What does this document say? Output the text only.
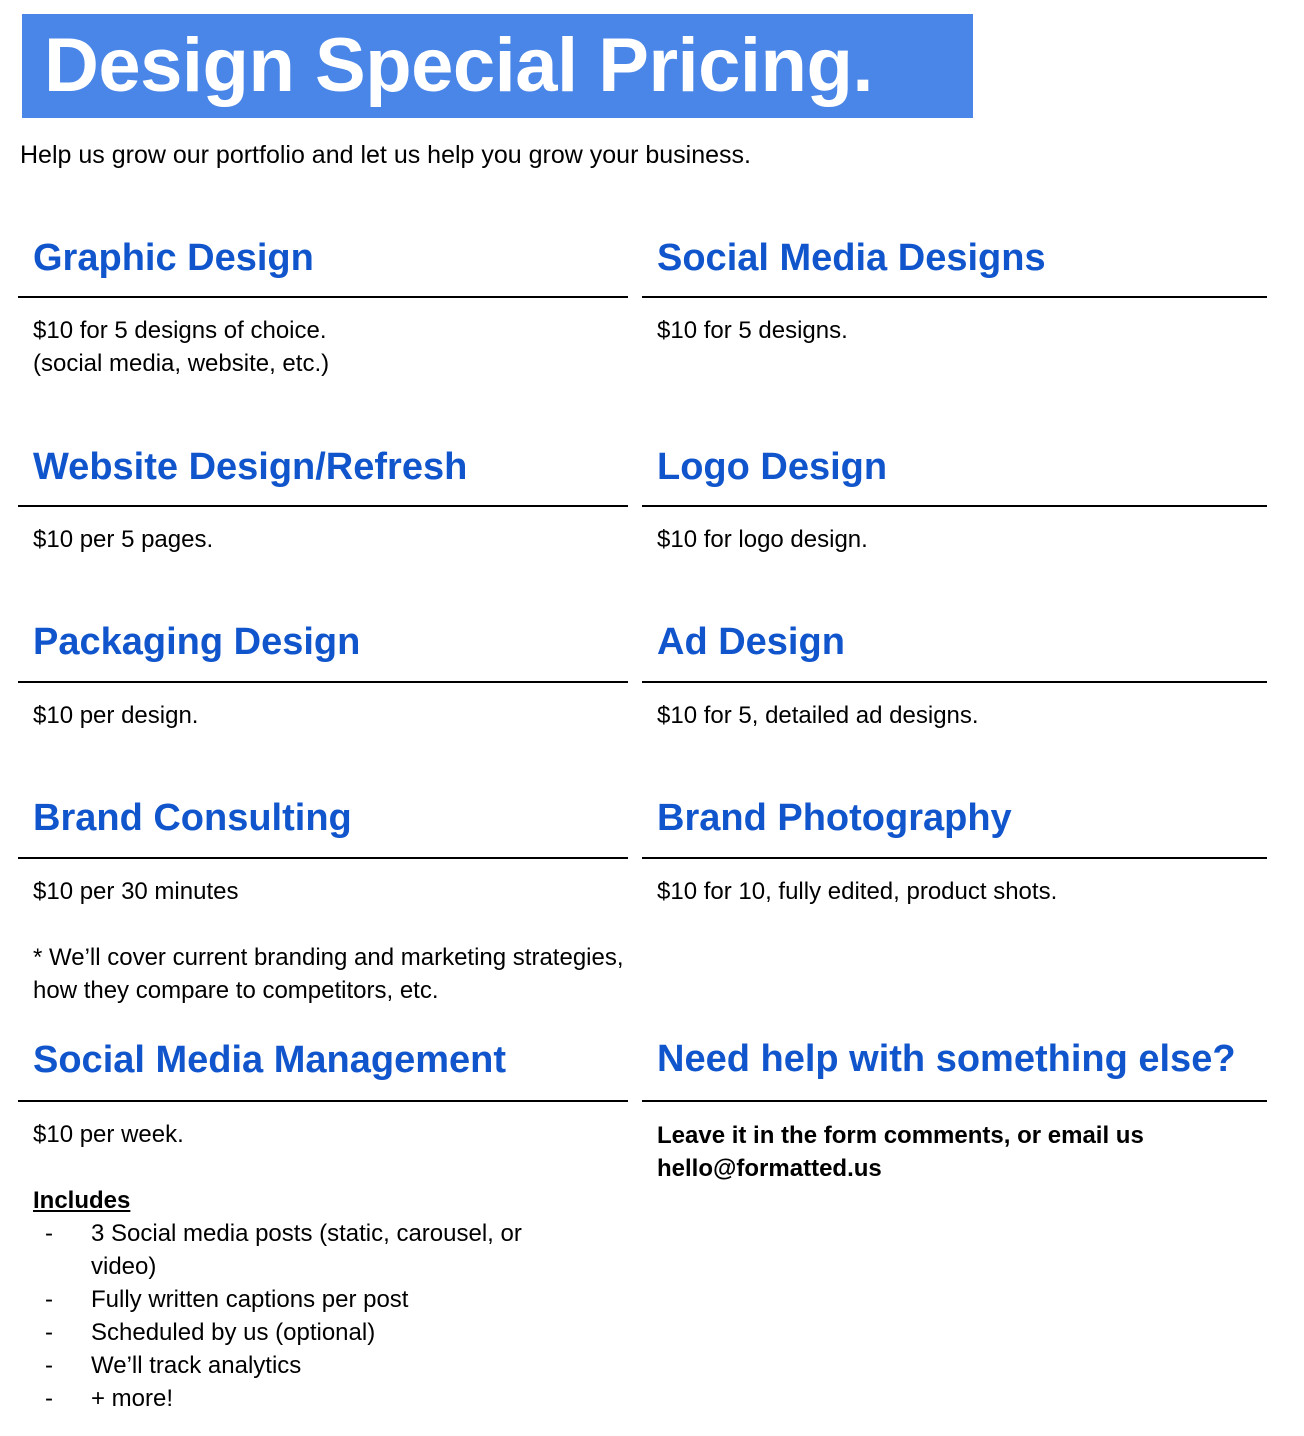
Design Special Pricing.
Help us grow our portfolio and let us help you grow your business.
Graphic Design

$10 for 5 designs of choice.

(social media, website, etc.)

Website Design/Refresh

$10 per 5 pages.

Packaging Design

$10 per design.

Brand Consulting

$10 per 30 minutes

* We’ll cover current branding and marketing strategies, how they compare to competitors, etc.

Social Media Management

$10 per week.

Includes

- 3 Social media posts (static, carousel, or video)
- Fully written captions per post
- Scheduled by us (optional)
- We’ll track analytics
- + more!
Social Media Designs

$10 for 5 designs.

Logo Design

$10 for logo design.

Ad Design

$10 for 5, detailed ad designs.

Brand Photography

$10 for 10, fully edited, product shots.

Need help with something else?

Leave it in the form comments, or email us

hello@formatted.us
